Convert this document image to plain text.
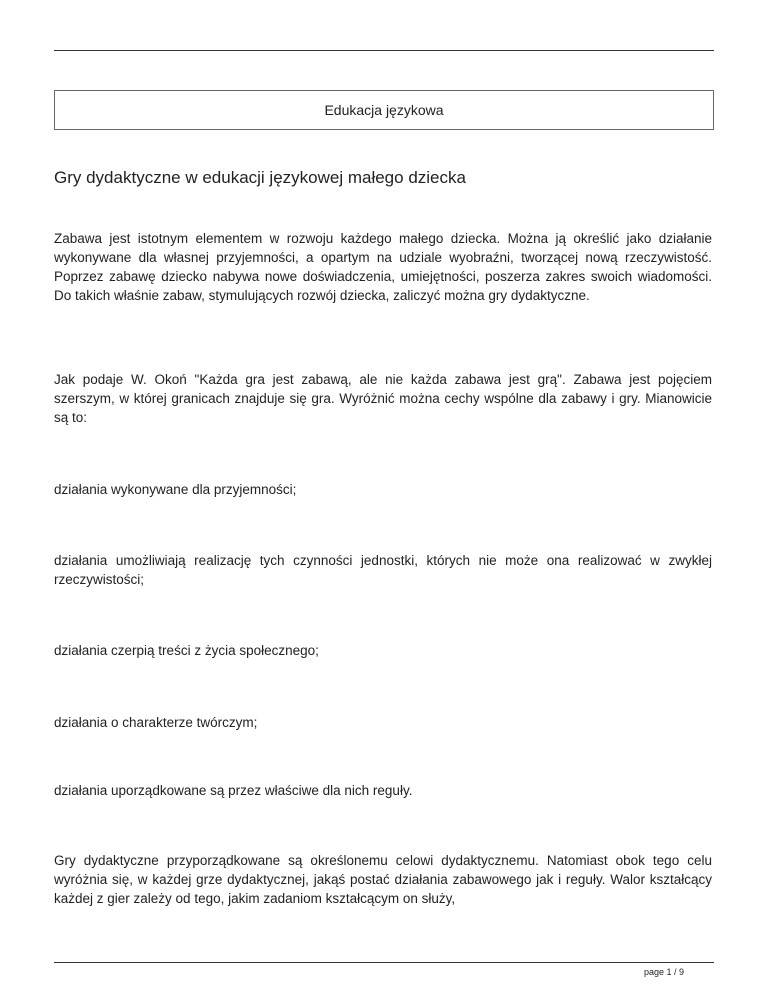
Edukacja językowa
Gry dydaktyczne w edukacji językowej małego dziecka

Zabawa jest istotnym elementem w rozwoju każdego małego dziecka. Można ją określić jako działanie wykonywane dla własnej przyjemności, a opartym na udziale wyobraźni, tworzącej nową rzeczywistość. Poprzez zabawę dziecko nabywa nowe doświadczenia, umiejętności, poszerza zakres swoich wiadomości. Do takich właśnie zabaw, stymulujących rozwój dziecka, zaliczyć można gry dydaktyczne.

Jak podaje W. Okoń "Każda gra jest zabawą, ale nie każda zabawa jest grą". Zabawa jest pojęciem szerszym, w której granicach znajduje się gra. Wyróżnić można cechy wspólne dla zabawy i gry. Mianowicie są to:

działania wykonywane dla przyjemności;

działania umożliwiają realizację tych czynności jednostki, których nie może ona realizować w zwykłej rzeczywistości;

działania czerpią treści z życia społecznego;

działania o charakterze twórczym;

działania uporządkowane są przez właściwe dla nich reguły.

Gry dydaktyczne przyporządkowane są określonemu celowi dydaktycznemu. Natomiast obok tego celu wyróżnia się, w każdej grze dydaktycznej, jakąś postać działania zabawowego jak i reguły. Walor kształcący każdej z gier zależy od tego, jakim zadaniom kształcącym on służy,

page 1 / 9
